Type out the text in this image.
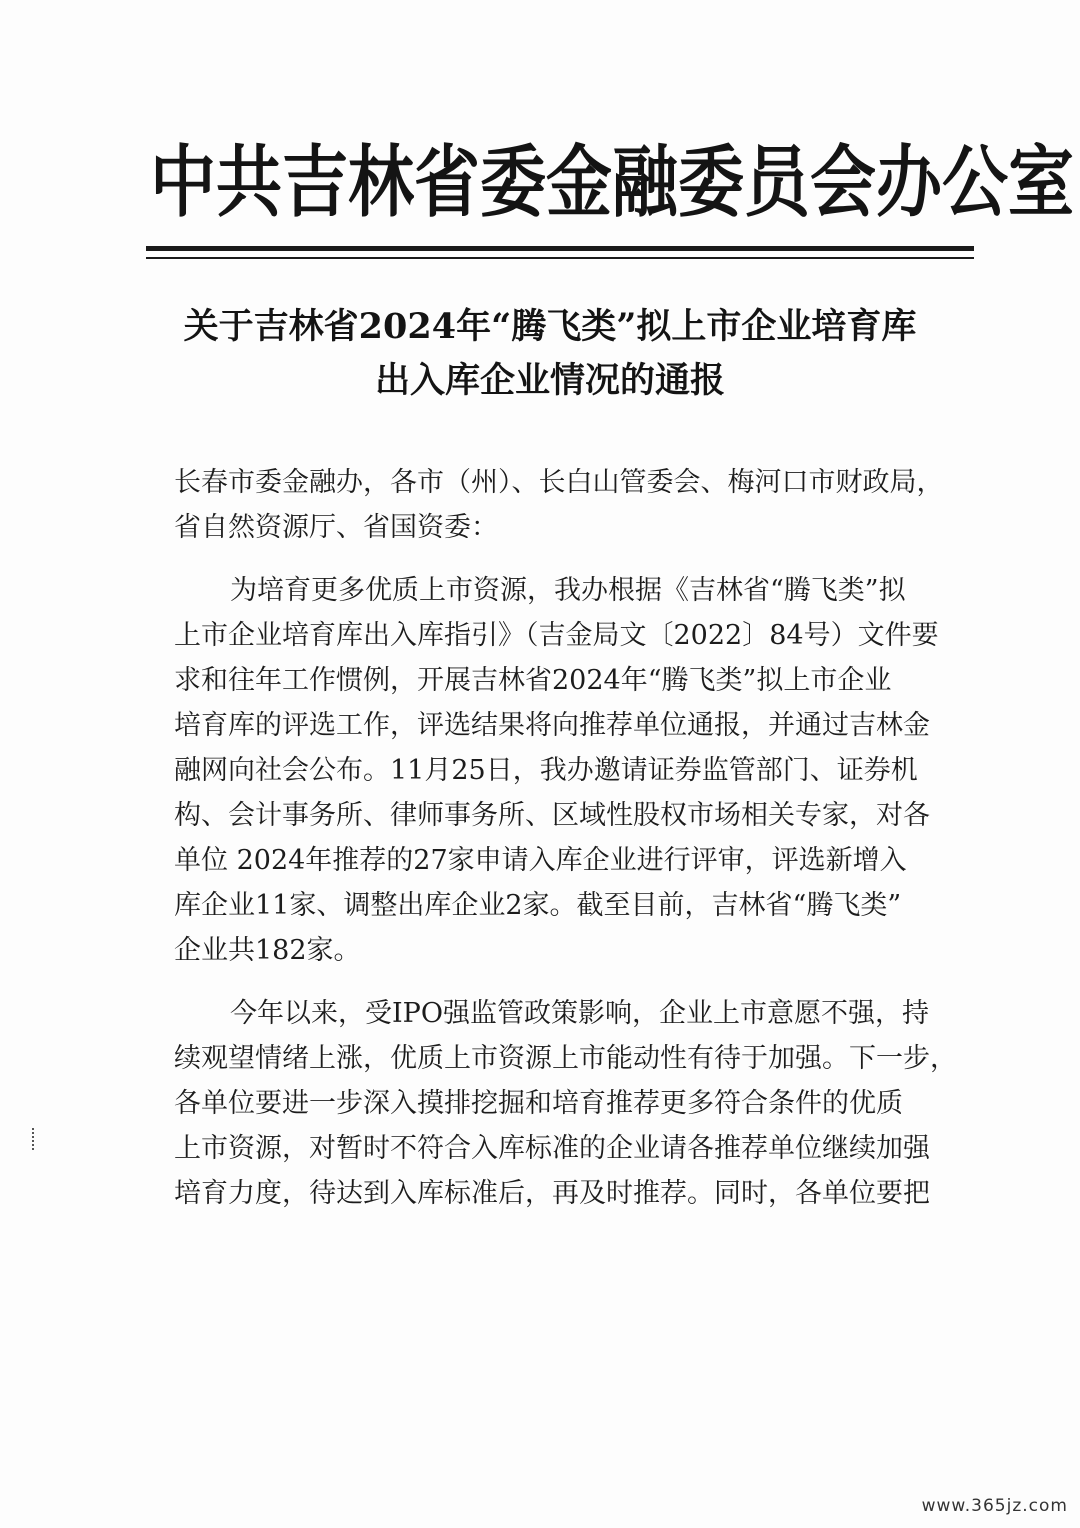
中共吉林省委金融委员会办公室
关于吉林省2024年“腾飞类”拟上市企业培育库
出入库企业情况的通报
长春市委金融办，各市（州）、长白山管委会、梅河口市财政局，
省自然资源厅、省国资委：
为培育更多优质上市资源，我办根据《吉林省“腾飞类”拟
上市企业培育库出入库指引》（吉金局文〔2022〕84号）文件要
求和往年工作惯例，开展吉林省2024年“腾飞类”拟上市企业
培育库的评选工作，评选结果将向推荐单位通报，并通过吉林金
融网向社会公布。11月25日，我办邀请证券监管部门、证券机
构、会计事务所、律师事务所、区域性股权市场相关专家，对各
单位 2024年推荐的27家申请入库企业进行评审，评选新增入
库企业11家、调整出库企业2家。截至目前，吉林省“腾飞类”
企业共182家。
今年以来，受IPO强监管政策影响，企业上市意愿不强，持
续观望情绪上涨，优质上市资源上市能动性有待于加强。下一步，
各单位要进一步深入摸排挖掘和培育推荐更多符合条件的优质
上市资源，对暂时不符合入库标准的企业请各推荐单位继续加强
培育力度，待达到入库标准后，再及时推荐。同时，各单位要把
www.365jz.com
